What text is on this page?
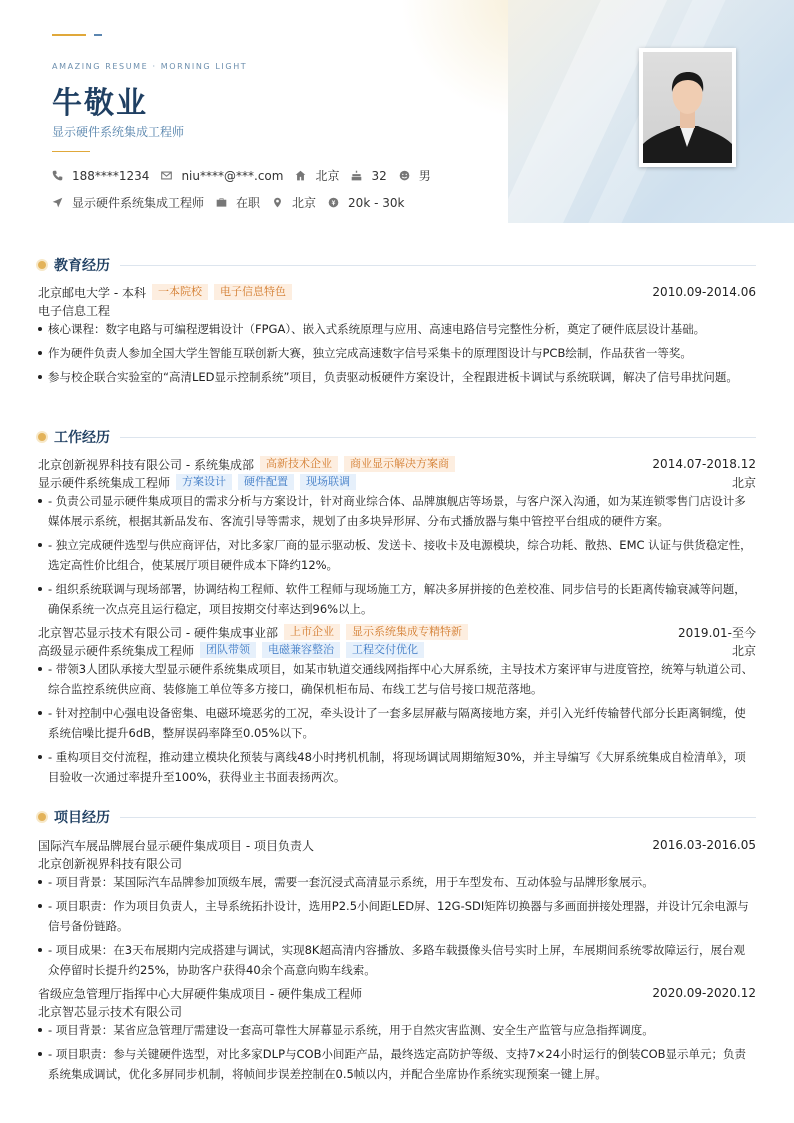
AMAZING RESUME · MORNING LIGHT
牛敬业
显示硬件系统集成工程师
188****1234	niu****@***.com	北京	32	男
显示硬件系统集成工程师	在职	北京	20k - 30k
教育经历
北京邮电大学 - 本科	一本院校	电子信息特色	2010.09-2014.06
电子信息工程
核心课程：数字电路与可编程逻辑设计（FPGA）、嵌入式系统原理与应用、高速电路信号完整性分析，奠定了硬件底层设计基础。
作为硬件负责人参加全国大学生智能互联创新大赛，独立完成高速数字信号采集卡的原理图设计与PCB绘制，作品获省一等奖。
参与校企联合实验室的“高清LED显示控制系统”项目，负责驱动板硬件方案设计，全程跟进板卡调试与系统联调，解决了信号串扰问题。
工作经历
北京创新视界科技有限公司 - 系统集成部	高新技术企业	商业显示解决方案商	2014.07-2018.12
显示硬件系统集成工程师	方案设计	硬件配置	现场联调	北京
- 负责公司显示硬件集成项目的需求分析与方案设计，针对商业综合体、品牌旗舰店等场景，与客户深入沟通，如为某连锁零售门店设计多媒体展示系统，根据其新品发布、客流引导等需求，规划了由多块异形屏、分布式播放器与集中管控平台组成的硬件方案。
- 独立完成硬件选型与供应商评估，对比多家厂商的显示驱动板、发送卡、接收卡及电源模块，综合功耗、散热、EMC 认证与供货稳定性，选定高性价比组合，使某展厅项目硬件成本下降约12%。
- 组织系统联调与现场部署，协调结构工程师、软件工程师与现场施工方，解决多屏拼接的色差校准、同步信号的长距离传输衰减等问题，确保系统一次点亮且运行稳定，项目按期交付率达到96%以上。
北京智芯显示技术有限公司 - 硬件集成事业部	上市企业	显示系统集成专精特新	2019.01-至今
高级显示硬件系统集成工程师	团队带领	电磁兼容整治	工程交付优化	北京
- 带领3人团队承接大型显示硬件系统集成项目，如某市轨道交通线网指挥中心大屏系统，主导技术方案评审与进度管控，统筹与轨道公司、综合监控系统供应商、装修施工单位等多方接口，确保机柜布局、布线工艺与信号接口规范落地。
- 针对控制中心强电设备密集、电磁环境恶劣的工况，牵头设计了一套多层屏蔽与隔离接地方案，并引入光纤传输替代部分长距离铜缆，使系统信噪比提升6dB，整屏误码率降至0.05%以下。
- 重构项目交付流程，推动建立模块化预装与离线48小时拷机机制，将现场调试周期缩短30%，并主导编写《大屏系统集成自检清单》，项目验收一次通过率提升至100%，获得业主书面表扬两次。
项目经历
国际汽车展品牌展台显示硬件集成项目 - 项目负责人	2016.03-2016.05
北京创新视界科技有限公司
- 项目背景：某国际汽车品牌参加顶级车展，需要一套沉浸式高清显示系统，用于车型发布、互动体验与品牌形象展示。
- 项目职责：作为项目负责人，主导系统拓扑设计，选用P2.5小间距LED屏、12G-SDI矩阵切换器与多画面拼接处理器，并设计冗余电源与信号备份链路。
- 项目成果：在3天布展期内完成搭建与调试，实现8K超高清内容播放、多路车载摄像头信号实时上屏，车展期间系统零故障运行，展台观众停留时长提升约25%，协助客户获得40余个高意向购车线索。
省级应急管理厅指挥中心大屏硬件集成项目 - 硬件集成工程师	2020.09-2020.12
北京智芯显示技术有限公司
- 项目背景：某省应急管理厅需建设一套高可靠性大屏幕显示系统，用于自然灾害监测、安全生产监管与应急指挥调度。
- 项目职责：参与关键硬件选型，对比多家DLP与COB小间距产品，最终选定高防护等级、支持7×24小时运行的倒装COB显示单元；负责系统集成调试，优化多屏同步机制，将帧间步误差控制在0.5帧以内，并配合坐席协作系统实现预案一键上屏。
